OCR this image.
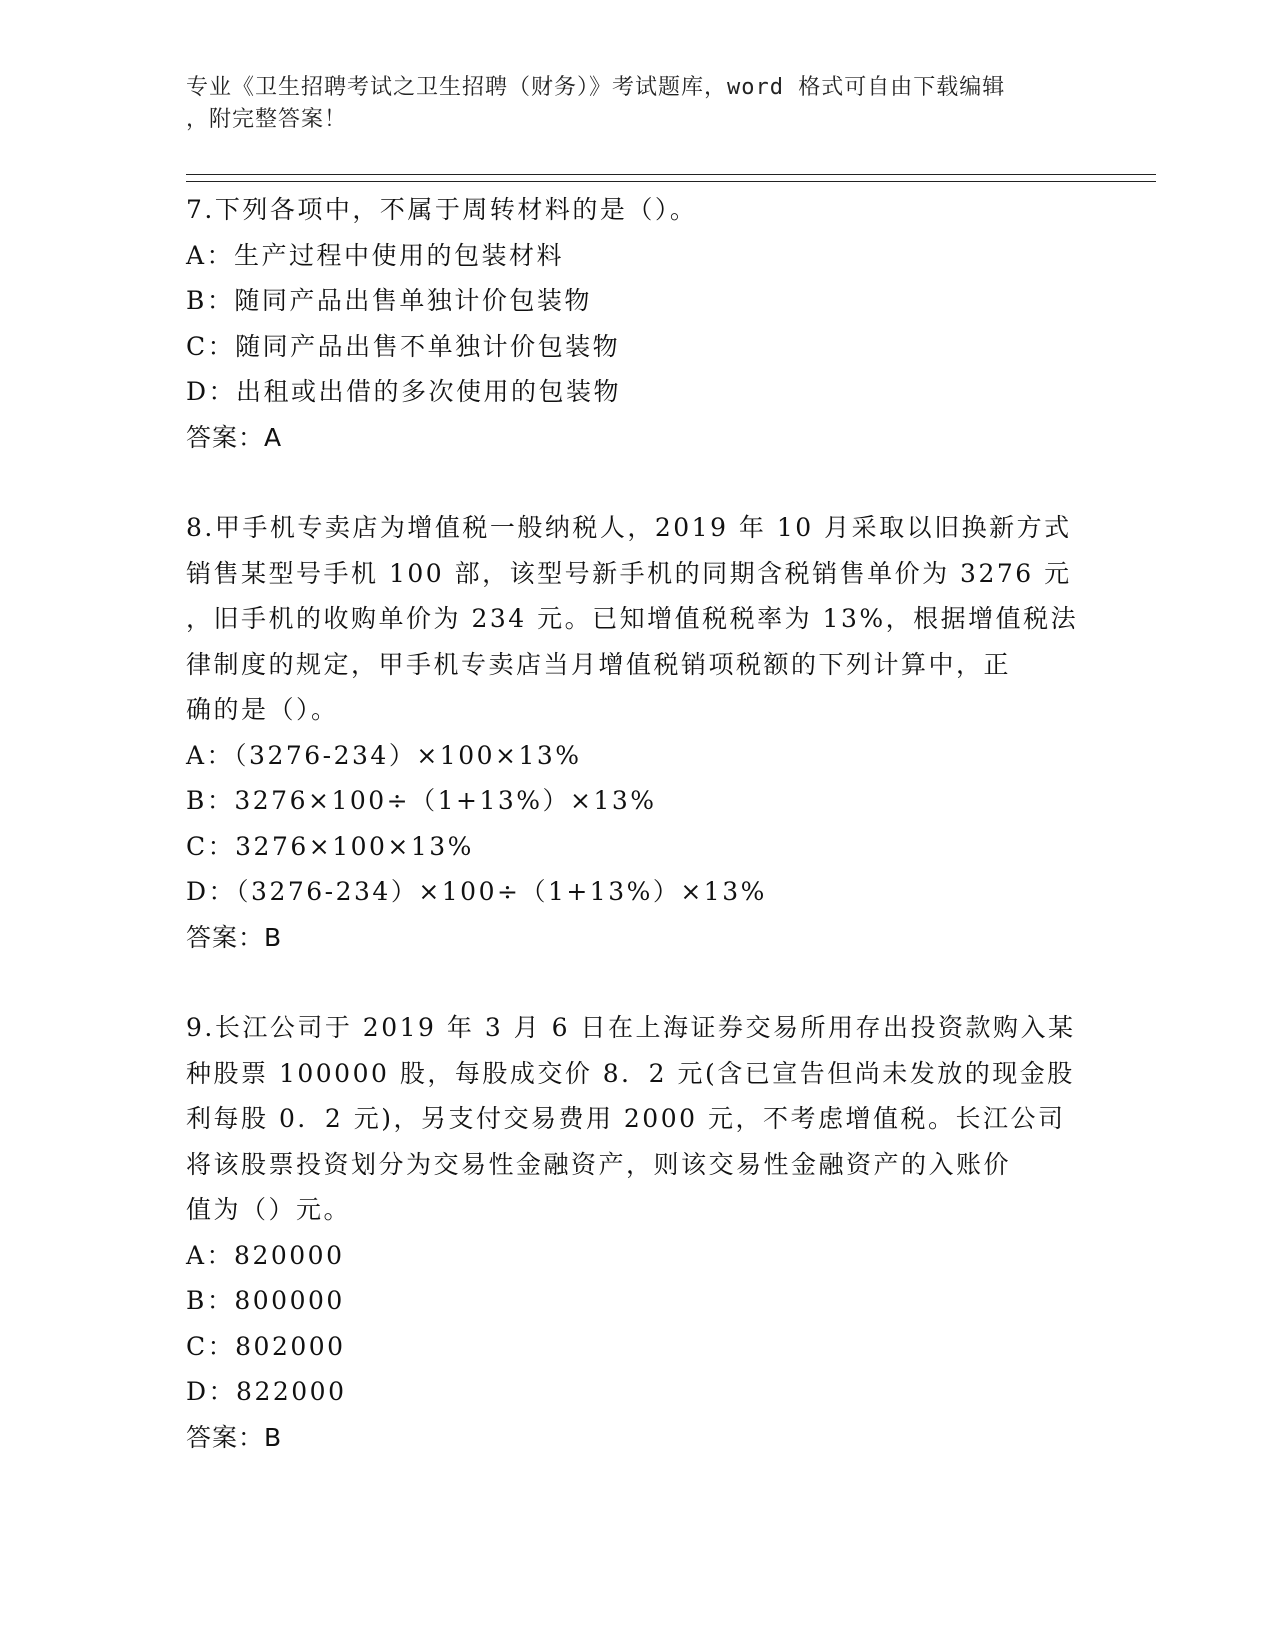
专业《卫生招聘考试之卫生招聘（财务）》考试题库，word 格式可自由下载编辑
，附完整答案！
7.下列各项中，不属于周转材料的是（）。
A：生产过程中使用的包装材料
B：随同产品出售单独计价包装物
C：随同产品出售不单独计价包装物
D：出租或出借的多次使用的包装物
答案：A
8.甲手机专卖店为增值税一般纳税人，2019 年 10 月采取以旧换新方式
销售某型号手机 100 部，该型号新手机的同期含税销售单价为 3276 元
，旧手机的收购单价为 234 元。已知增值税税率为 13%，根据增值税法
律制度的规定，甲手机专卖店当月增值税销项税额的下列计算中，正
确的是（）。
A：（3276-234）×100×13%
B：3276×100÷（1+13%）×13%
C：3276×100×13%
D：（3276-234）×100÷（1+13%）×13%
答案：B
9.长江公司于 2019 年 3 月 6 日在上海证券交易所用存出投资款购入某
种股票 100000 股，每股成交价 8．2 元(含已宣告但尚未发放的现金股
利每股 0．2 元)，另支付交易费用 2000 元，不考虑增值税。长江公司
将该股票投资划分为交易性金融资产，则该交易性金融资产的入账价
值为（）元。
A：820000
B：800000
C：802000
D：822000
答案：B
